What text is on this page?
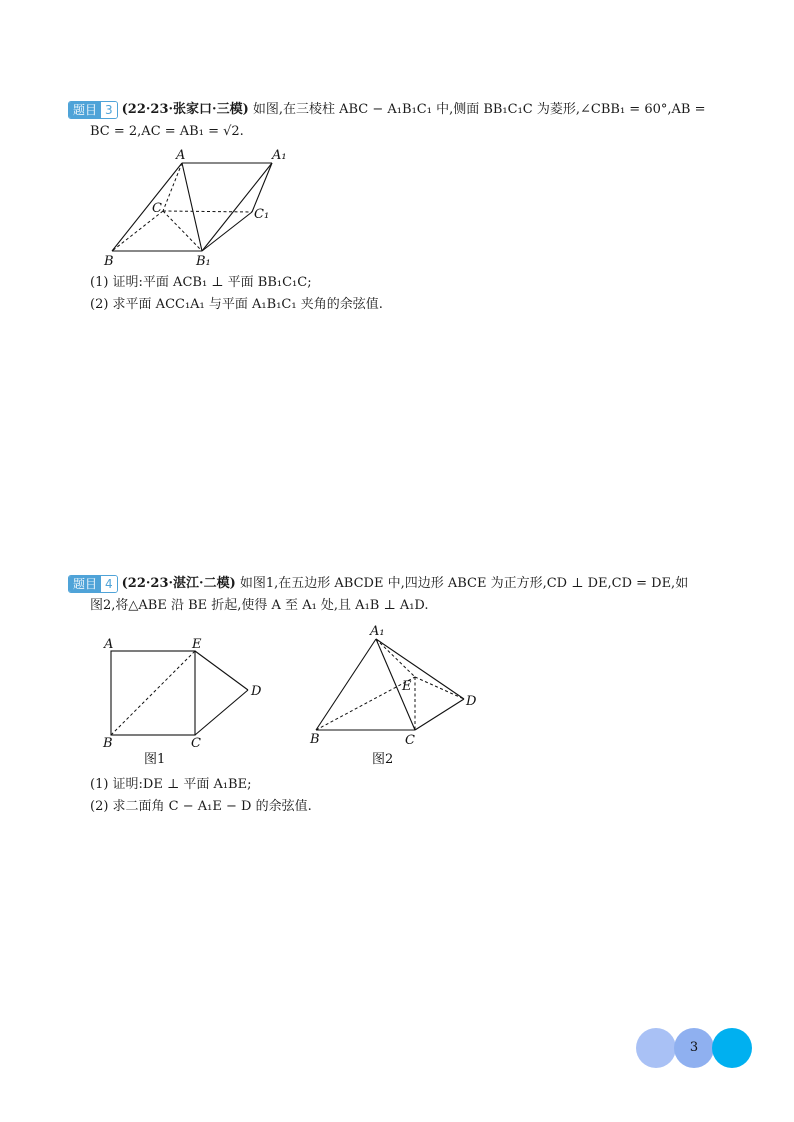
题目 3 (22·23·张家口·三模) 如图,在三棱柱 ABC − A₁B₁C₁ 中,侧面 BB₁C₁C 为菱形,∠CBB₁ = 60°,AB =
BC = 2,AC = AB₁ = √2.
A	A₁
C	C₁
B	B₁
(1) 证明:平面 ACB₁ ⊥ 平面 BB₁C₁C;
(2) 求平面 ACC₁A₁ 与平面 A₁B₁C₁ 夹角的余弦值.
题目 4 (22·23·湛江·二模) 如图1,在五边形 ABCDE 中,四边形 ABCE 为正方形,CD ⊥ DE,CD = DE,如
图2,将△ABE 沿 BE 折起,使得 A 至 A₁ 处,且 A₁B ⊥ A₁D.
A	E
D
B	C
图1
A₁
E
D
B	C
图2
(1) 证明:DE ⊥ 平面 A₁BE;
(2) 求二面角 C − A₁E − D 的余弦值.
3
